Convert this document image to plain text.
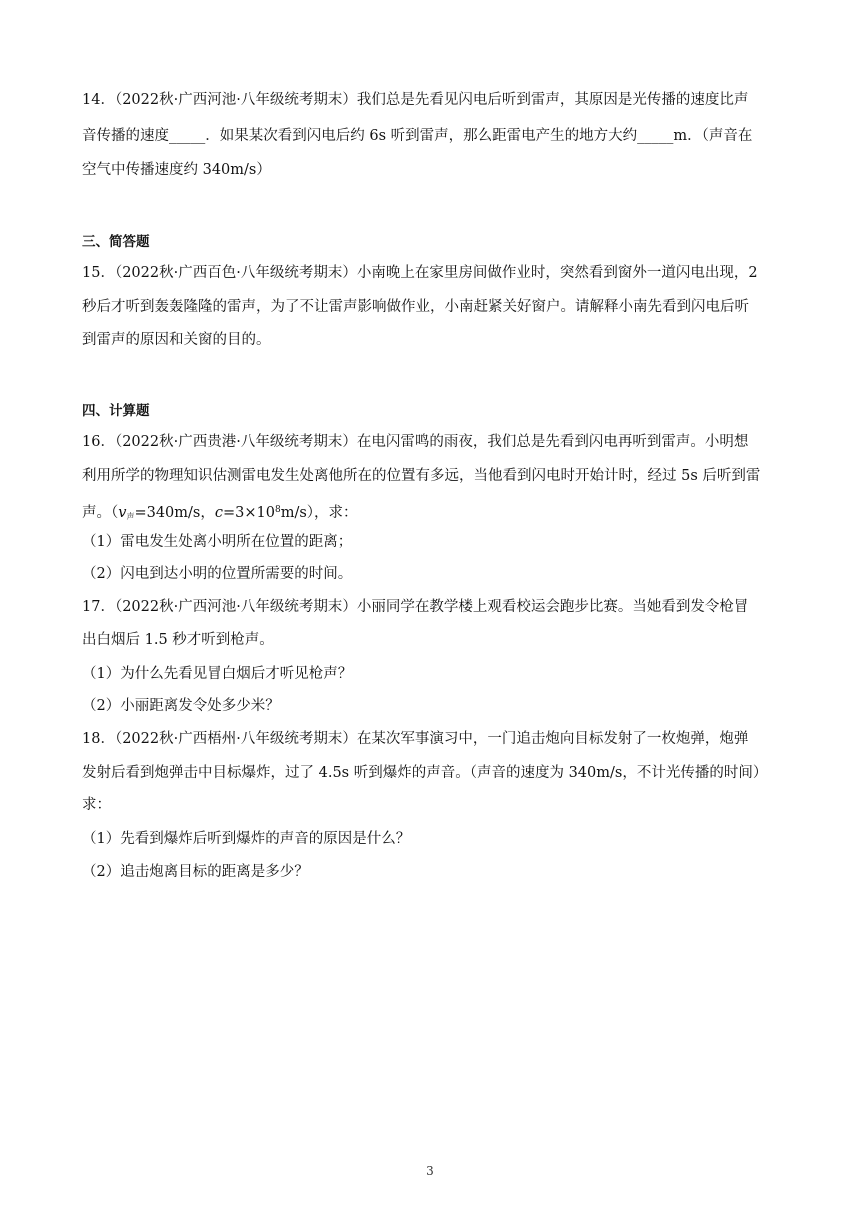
14．（2022秋·广西河池·八年级统考期末）我们总是先看见闪电后听到雷声，其原因是光传播的速度比声
音传播的速度_____．如果某次看到闪电后约 6s 听到雷声，那么距雷电产生的地方大约_____m．（声音在
空气中传播速度约 340m/s）
三、简答题
15．（2022秋·广西百色·八年级统考期末）小南晚上在家里房间做作业时，突然看到窗外一道闪电出现，2
秒后才听到轰轰隆隆的雷声，为了不让雷声影响做作业，小南赶紧关好窗户。请解释小南先看到闪电后听
到雷声的原因和关窗的目的。
四、计算题
16．（2022秋·广西贵港·八年级统考期末）在电闪雷鸣的雨夜，我们总是先看到闪电再听到雷声。小明想
利用所学的物理知识估测雷电发生处离他所在的位置有多远，当他看到闪电时开始计时，经过 5s 后听到雷
声。（$v_声=340m/s$，$c=3\times 10^8m/s$），求：
（1）雷电发生处离小明所在位置的距离；
（2）闪电到达小明的位置所需要的时间。
17．（2022秋·广西河池·八年级统考期末）小丽同学在教学楼上观看校运会跑步比赛。当她看到发令枪冒
出白烟后 1.5 秒才听到枪声。
（1）为什么先看见冒白烟后才听见枪声？
（2）小丽距离发令处多少米？
18．（2022秋·广西梧州·八年级统考期末）在某次军事演习中，一门追击炮向目标发射了一枚炮弹，炮弹
发射后看到炮弹击中目标爆炸，过了 4.5s 听到爆炸的声音。（声音的速度为 340m/s，不计光传播的时间）
求：
（1）先看到爆炸后听到爆炸的声音的原因是什么？
（2）追击炮离目标的距离是多少？
3
